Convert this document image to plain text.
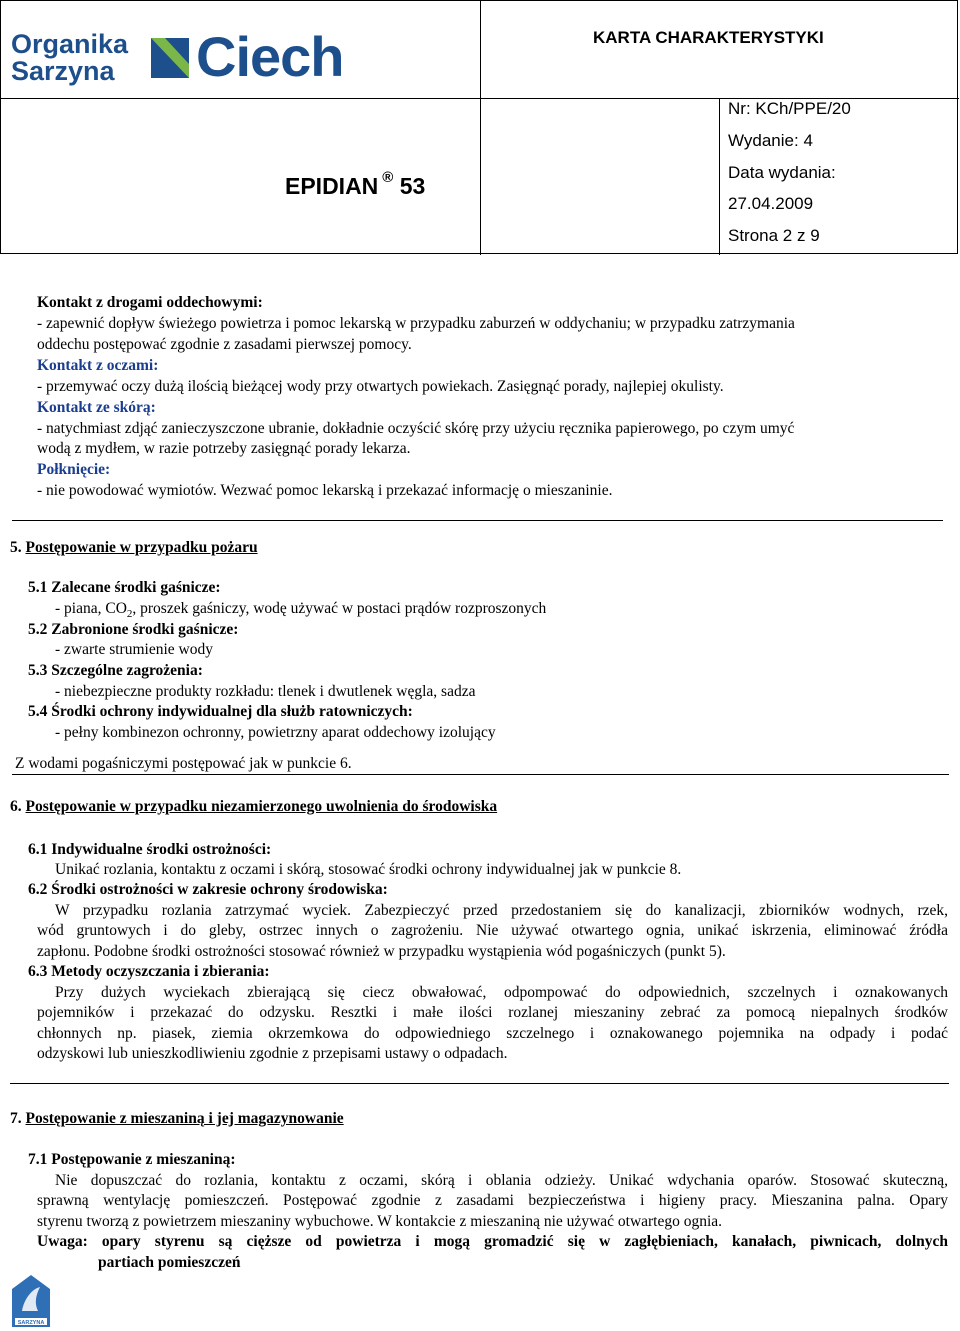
Organika
Sarzyna Ciech	KARTA CHARAKTERYSTYKI
EPIDIAN ® 53
Nr: KCh/PPE/20
Wydanie: 4
Data wydania:
27.04.2009
Strona 2 z 9
Kontakt z drogami oddechowymi:
- zapewnić dopływ świeżego powietrza i pomoc lekarską w przypadku zaburzeń w oddychaniu; w przypadku zatrzymania
oddechu postępować zgodnie z zasadami pierwszej pomocy.
Kontakt z oczami:
- przemywać oczy dużą ilością bieżącej wody przy otwartych powiekach. Zasięgnąć porady, najlepiej okulisty.
Kontakt ze skórą:
- natychmiast zdjąć zanieczyszczone ubranie, dokładnie oczyścić skórę przy użyciu ręcznika papierowego, po czym umyć
wodą z mydłem, w razie potrzeby zasięgnąć porady lekarza.
Połknięcie:
- nie powodować wymiotów. Wezwać pomoc lekarską i przekazać informację o mieszaninie.
5. Postępowanie w przypadku pożaru
5.1 Zalecane środki gaśnicze:
- piana, $CO_2$, proszek gaśniczy, wodę używać w postaci prądów rozproszonych
5.2 Zabronione środki gaśnicze:
- zwarte strumienie wody
5.3 Szczególne zagrożenia:
- niebezpieczne produkty rozkładu: tlenek i dwutlenek węgla, sadza
5.4 Środki ochrony indywidualnej dla służb ratowniczych:
- pełny kombinezon ochronny, powietrzny aparat oddechowy izolujący
Z wodami pogaśniczymi postępować jak w punkcie 6.
6. Postępowanie w przypadku niezamierzonego uwolnienia do środowiska
6.1 Indywidualne środki ostrożności:
Unikać rozlania, kontaktu z oczami i skórą, stosować środki ochrony indywidualnej jak w punkcie 8.
6.2 Środki ostrożności w zakresie ochrony środowiska:
W przypadku rozlania zatrzymać wyciek. Zabezpieczyć przed przedostaniem się do kanalizacji, zbiorników wodnych, rzek,
wód gruntowych i do gleby, ostrzec innych o zagrożeniu. Nie używać otwartego ognia, unikać iskrzenia, eliminować źródła
zapłonu. Podobne środki ostrożności stosować również w przypadku wystąpienia wód pogaśniczych (punkt 5).
6.3 Metody oczyszczania i zbierania:
Przy dużych wyciekach zbierającą się ciecz obwałować, odpompować do odpowiednich, szczelnych i oznakowanych
pojemników i przekazać do odzysku. Resztki i małe ilości rozlanej mieszaniny zebrać za pomocą niepalnych środków
chłonnych np. piasek, ziemia okrzemkowa do odpowiedniego szczelnego i oznakowanego pojemnika na odpady i podać
odzyskowi lub unieszkodliwieniu zgodnie z przepisami ustawy o odpadach.
7. Postępowanie z mieszaniną i jej magazynowanie
7.1 Postępowanie z mieszaniną:
Nie dopuszczać do rozlania, kontaktu z oczami, skórą i oblania odzieży. Unikać wdychania oparów. Stosować skuteczną,
sprawną wentylację pomieszczeń. Postępować zgodnie z zasadami bezpieczeństwa i higieny pracy. Mieszanina palna. Opary
styrenu tworzą z powietrzem mieszaniny wybuchowe. W kontakcie z mieszaniną nie używać otwartego ognia.
Uwaga: opary styrenu są cięższe od powietrza i mogą gromadzić się w zagłębieniach, kanałach, piwnicach, dolnych
partiach pomieszczeń
SARZYNA
